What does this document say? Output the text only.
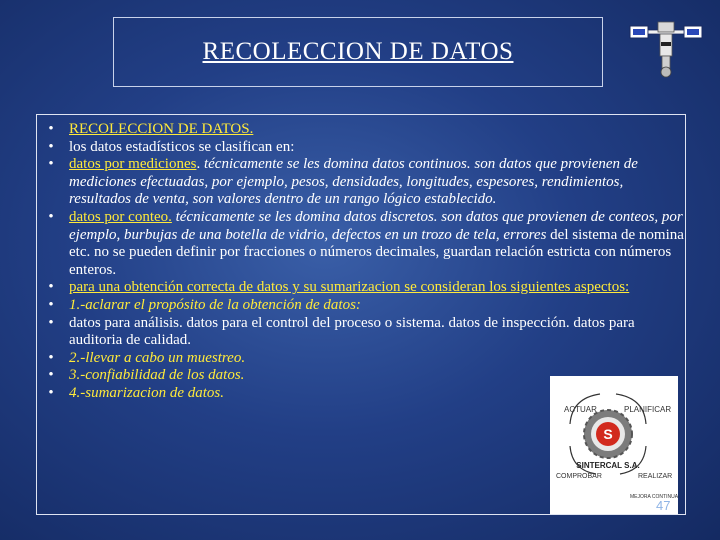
RECOLECCION DE DATOS
• RECOLECCION DE DATOS.
• los datos estadísticos se clasifican en:
• datos por mediciones. técnicamente se les domina datos continuos. son datos que provienen de mediciones efectuadas, por ejemplo, pesos, densidades, longitudes, espesores, rendimientos, resultados de venta, son valores dentro de un rango lógico establecido.
• datos por conteo. técnicamente se les domina datos discretos. son datos que provienen de conteos, por ejemplo, burbujas de una botella de vidrio, defectos en un trozo de tela, errores del sistema de nomina etc. no se pueden definir por fracciones o números decimales, guardan relación estricta con números enteros.
• para una obtención correcta de datos y su sumarizacion se consideran los siguientes aspectos:
• 1.-aclarar el propósito de la obtención de datos:
• datos para análisis. datos para el control del proceso o sistema. datos de inspección. datos para auditoria de calidad.
• 2.-llevar a cabo un muestreo.
• 3.-confiabilidad de los datos.
• 4.-sumarizacion de datos.
ACTUAR	PLANIFICAR
S
SINTERCAL S.A.
COMPROBAR	REALIZAR
MEJORA CONTINUA
47
